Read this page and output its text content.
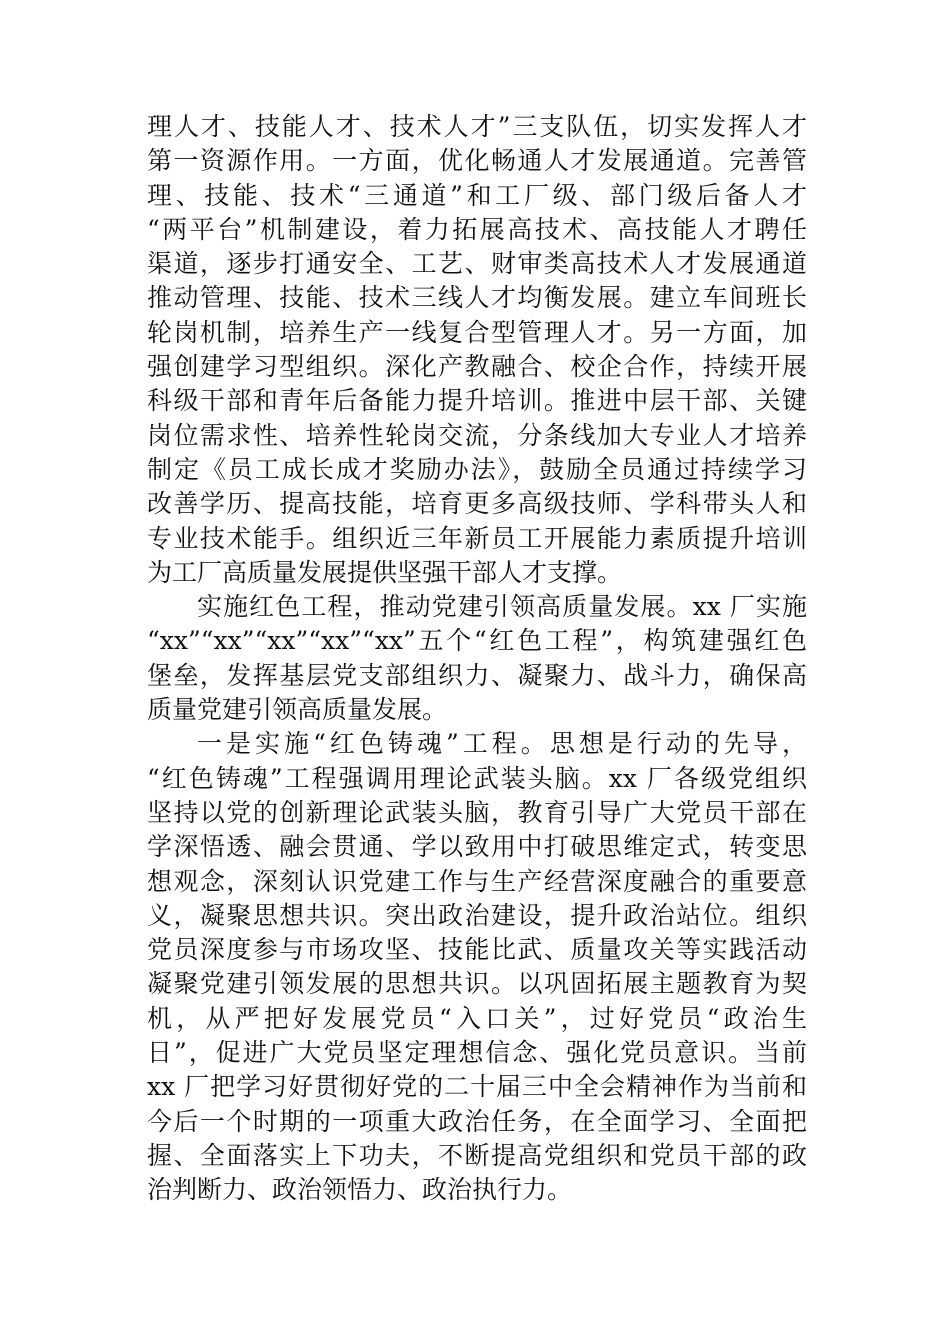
理人才、技能人才、技术人才”三支队伍，切实发挥人才
第一资源作用。一方面，优化畅通人才发展通道。完善管
理、技能、技术“三通道”和工厂级、部门级后备人才
“两平台”机制建设，着力拓展高技术、高技能人才聘任
渠道，逐步打通安全、工艺、财审类高技术人才发展通道
推动管理、技能、技术三线人才均衡发展。建立车间班长
轮岗机制，培养生产一线复合型管理人才。另一方面，加
强创建学习型组织。深化产教融合、校企合作，持续开展
科级干部和青年后备能力提升培训。推进中层干部、关键
岗位需求性、培养性轮岗交流，分条线加大专业人才培养
制定《员工成长成才奖励办法》，鼓励全员通过持续学习
改善学历、提高技能，培育更多高级技师、学科带头人和
专业技术能手。组织近三年新员工开展能力素质提升培训
为工厂高质量发展提供坚强干部人才支撑。
实施红色工程，推动党建引领高质量发展。xx 厂实施
“xx”“xx”“xx”“xx”“xx”五个“红色工程”，构筑建强红色
堡垒，发挥基层党支部组织力、凝聚力、战斗力，确保高
质量党建引领高质量发展。
一是实施“红色铸魂”工程。思想是行动的先导，
“红色铸魂”工程强调用理论武装头脑。xx 厂各级党组织
坚持以党的创新理论武装头脑，教育引导广大党员干部在
学深悟透、融会贯通、学以致用中打破思维定式，转变思
想观念，深刻认识党建工作与生产经营深度融合的重要意
义，凝聚思想共识。突出政治建设，提升政治站位。组织
党员深度参与市场攻坚、技能比武、质量攻关等实践活动
凝聚党建引领发展的思想共识。以巩固拓展主题教育为契
机，从严把好发展党员“入口关”，过好党员“政治生
日”，促进广大党员坚定理想信念、强化党员意识。当前
xx 厂把学习好贯彻好党的二十届三中全会精神作为当前和
今后一个时期的一项重大政治任务，在全面学习、全面把
握、全面落实上下功夫，不断提高党组织和党员干部的政
治判断力、政治领悟力、政治执行力。
